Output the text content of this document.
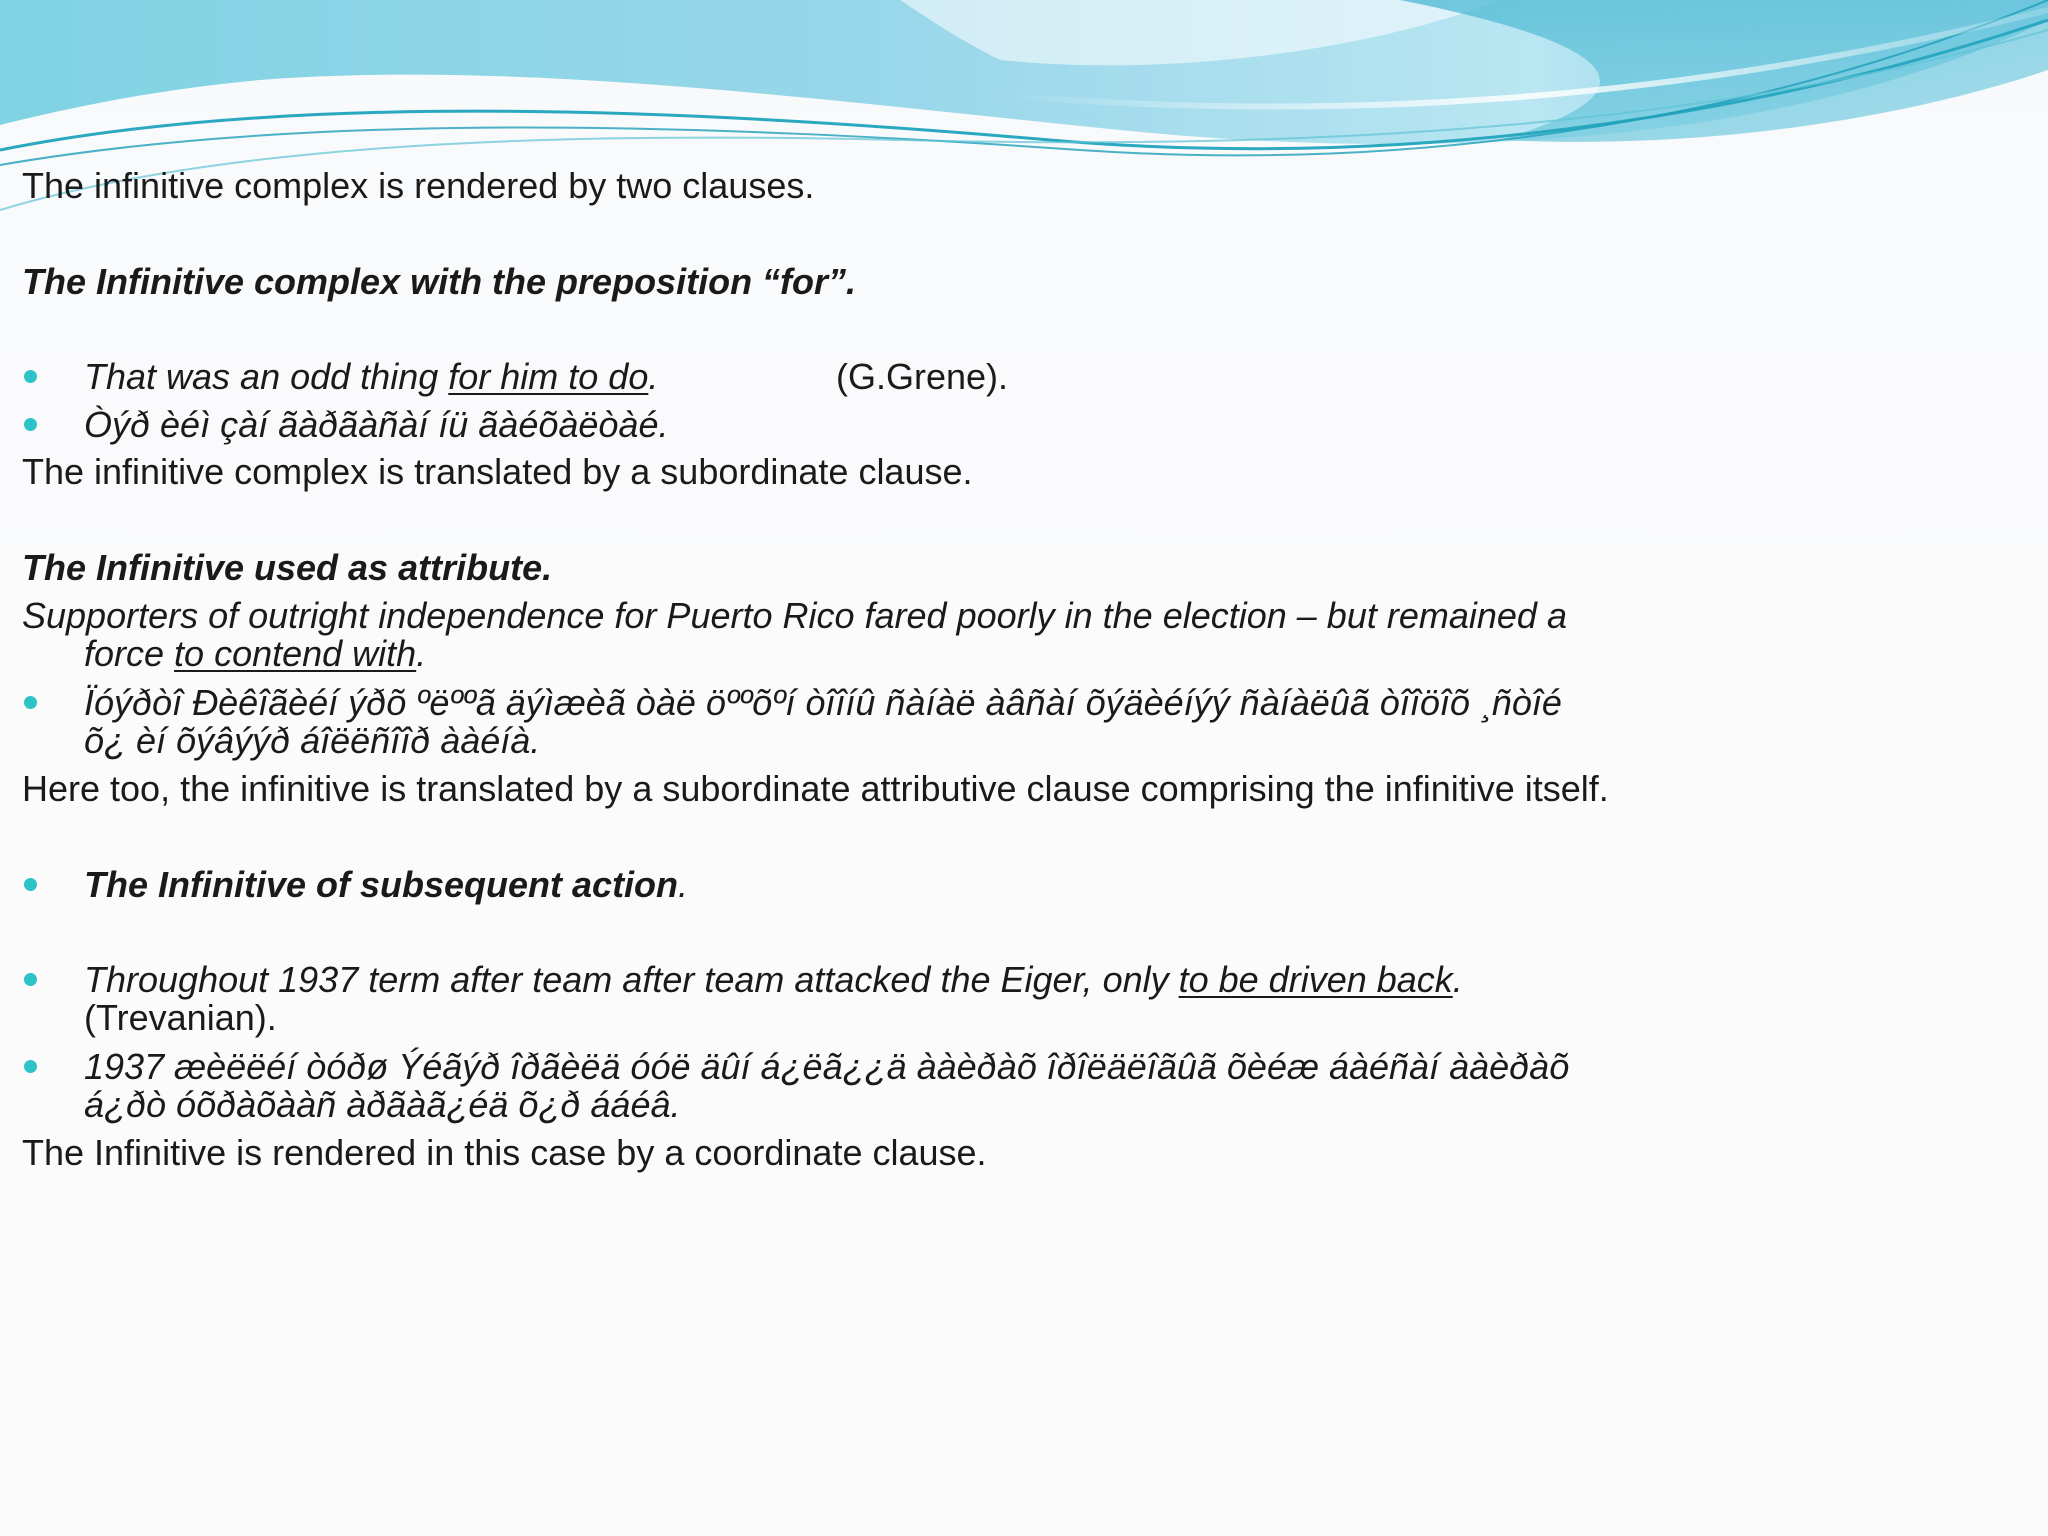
The infinitive complex is rendered by two clauses.
The Infinitive complex with the preposition “for”.
That was an odd thing for him to do.	(G.Grene).
Òýð èéì çàí ãàðãàñàí íü ãàéõàëòàé.
The infinitive complex is translated by a subordinate clause.
The Infinitive used as attribute.
Supporters of outright independence for Puerto Rico fared poorly in the election – but remained a
force to contend with.
Ïóýðòî Ðèêîãèéí ýðõ ºëººã äýìæèã òàë öººõºí òîîíû ñàíàë àâñàí õýäèéíýý ñàíàëûã òîîöîõ ¸ñòîé
õ¿ èí õýâýýð áîëëñîîð ààéíà.
Here too, the infinitive is translated by a subordinate attributive clause comprising the infinitive itself.
The Infinitive of subsequent action.
Throughout 1937 term after team after team attacked the Eiger, only to be driven back.
(Trevanian).
1937 æèëëéí òóðø Ýéãýð îðãèëä óóë äûí á¿ëã¿¿ä ààèðàõ îðîëäëîãûã õèéæ áàéñàí ààèðàõ
á¿ðò óõðàõààñ àðãàã¿éä õ¿ð ááéâ.
The Infinitive is rendered in this case by a coordinate clause.
